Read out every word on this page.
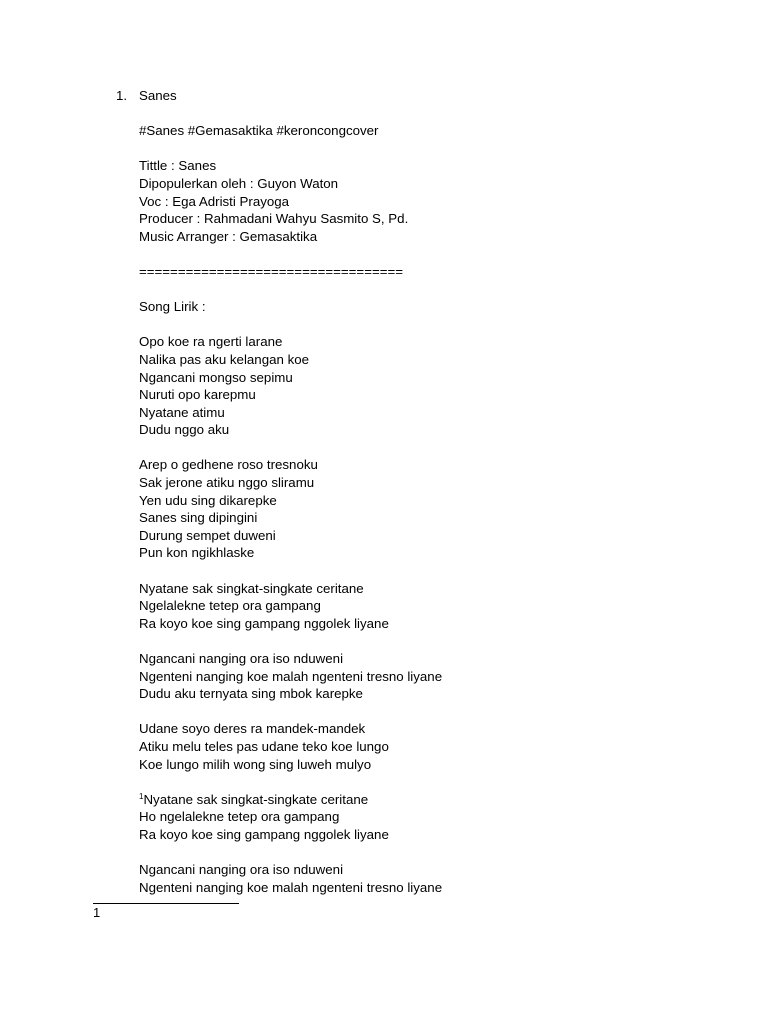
1. Sanes
#Sanes #Gemasaktika #keroncongcover
Tittle : Sanes
Dipopulerkan oleh : Guyon Waton
Voc : Ega Adristi Prayoga
Producer : Rahmadani Wahyu Sasmito S, Pd.
Music Arranger : Gemasaktika
==================================
Song Lirik :
Opo koe ra ngerti larane
Nalika pas aku kelangan koe
Ngancani mongso sepimu
Nuruti opo karepmu
Nyatane atimu
Dudu nggo aku
Arep o gedhene roso tresnoku
Sak jerone atiku nggo sliramu
Yen udu sing dikarepke
Sanes sing dipingini
Durung sempet duweni
Pun kon ngikhlaske
Nyatane sak singkat-singkate ceritane
Ngelalekne tetep ora gampang
Ra koyo koe sing gampang nggolek liyane
Ngancani nanging ora iso nduweni
Ngenteni nanging koe malah ngenteni tresno liyane
Dudu aku ternyata sing mbok karepke
Udane soyo deres ra mandek-mandek
Atiku melu teles pas udane teko koe lungo
Koe lungo milih wong sing luweh mulyo
$^1$Nyatane sak singkat-singkate ceritane
Ho ngelalekne tetep ora gampang
Ra koyo koe sing gampang nggolek liyane
Ngancani nanging ora iso nduweni
Ngenteni nanging koe malah ngenteni tresno liyane
1
